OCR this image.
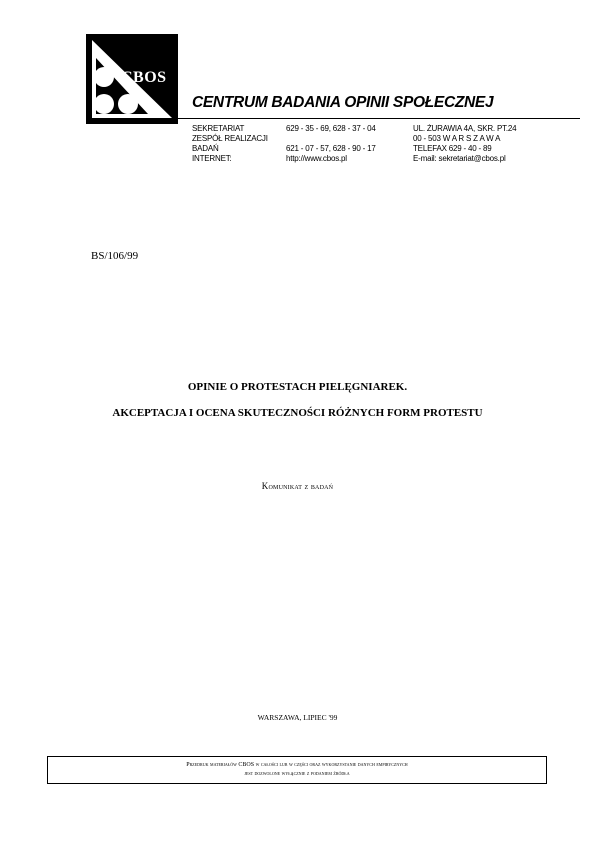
CBOS
CENTRUM BADANIA OPINII SPOŁECZNEJ
SEKRETARIAT
ZESPÓŁ REALIZACJI
BADAŃ
INTERNET:
629 - 35 - 69, 628 - 37 - 04
621 - 07 - 57, 628 - 90 - 17
http://www.cbos.pl
UL. ŻURAWIA 4A, SKR. PT.24
00 - 503 W A R S Z A W A
TELEFAX 629 - 40 - 89
E-mail: sekretariat@cbos.pl
BS/106/99
OPINIE O PROTESTACH PIELĘGNIAREK.
AKCEPTACJA I OCENA SKUTECZNOŚCI RÓŻNYCH FORM PROTESTU
Komunikat z badań
WARSZAWA, LIPIEC '99
Przedruk materiałów CBOS w całości lub w części oraz wykorzystanie danych empirycznych
jest dozwolone wyłącznie z podaniem źródła
